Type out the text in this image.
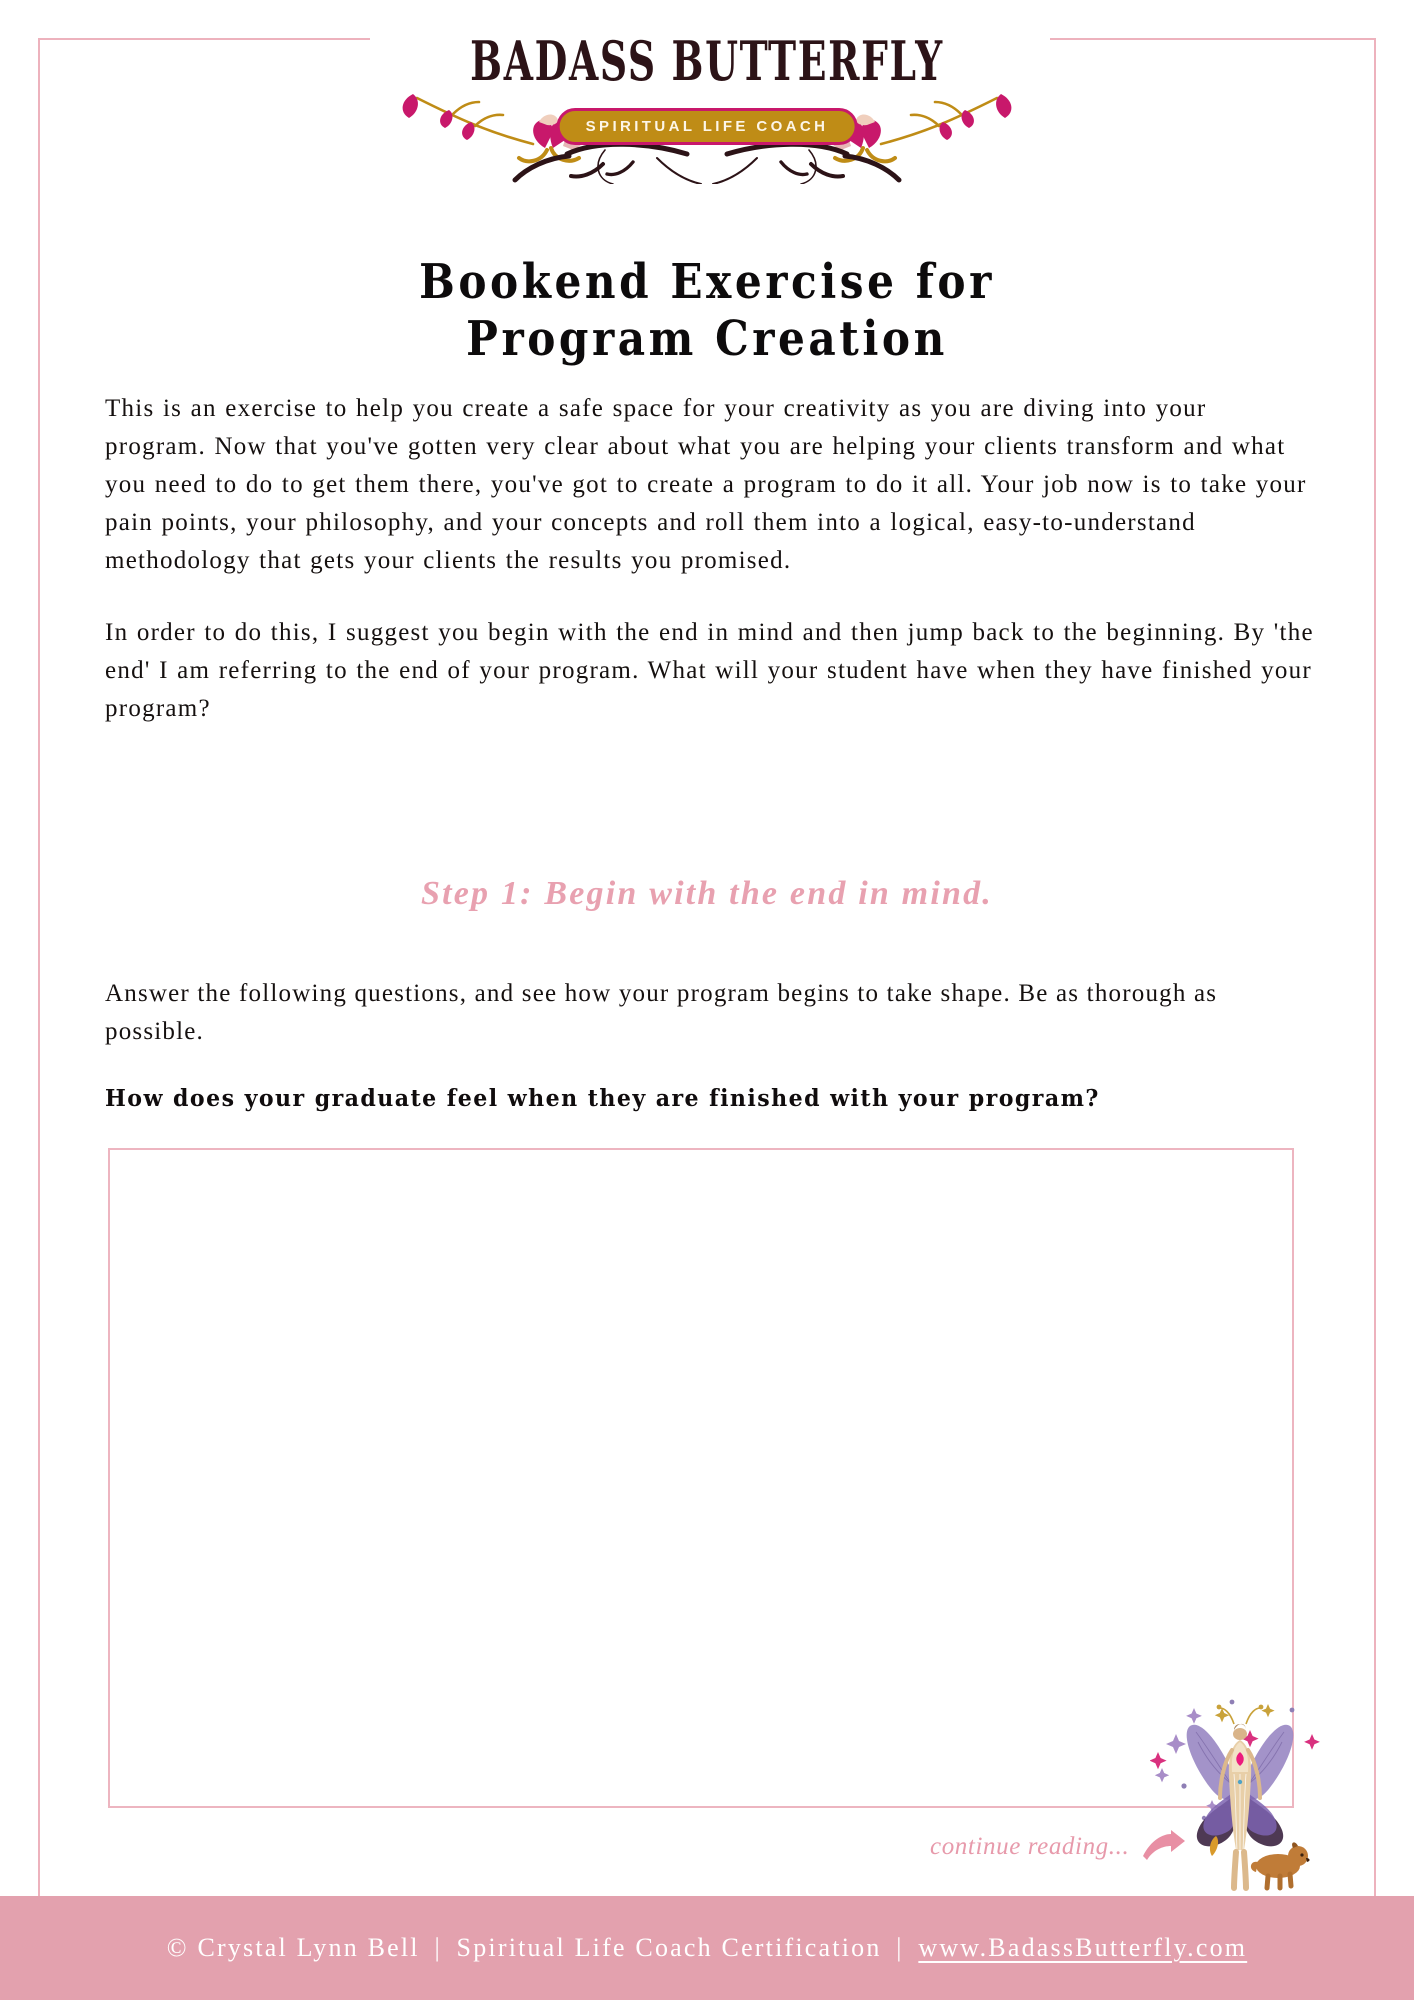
BADASS BUTTERFLY
SPIRITUAL LIFE COACH
Bookend Exercise for
Program Creation

This is an exercise to help you create a safe space for your creativity as you are diving into your program. Now that you've gotten very clear about what you are helping your clients transform and what you need to do to get them there, you've got to create a program to do it all. Your job now is to take your pain points, your philosophy, and your concepts and roll them into a logical, easy-to-understand methodology that gets your clients the results you promised.

In order to do this, I suggest you begin with the end in mind and then jump back to the beginning. By 'the end' I am referring to the end of your program. What will your student have when they have finished your program?

Step 1: Begin with the end in mind.
Answer the following questions, and see how your program begins to take shape. Be as thorough as possible.
How does your graduate feel when they are finished with your program?
continue reading...
© Crystal Lynn Bell | Spiritual Life Coach Certification | www.BadassButterfly.com
